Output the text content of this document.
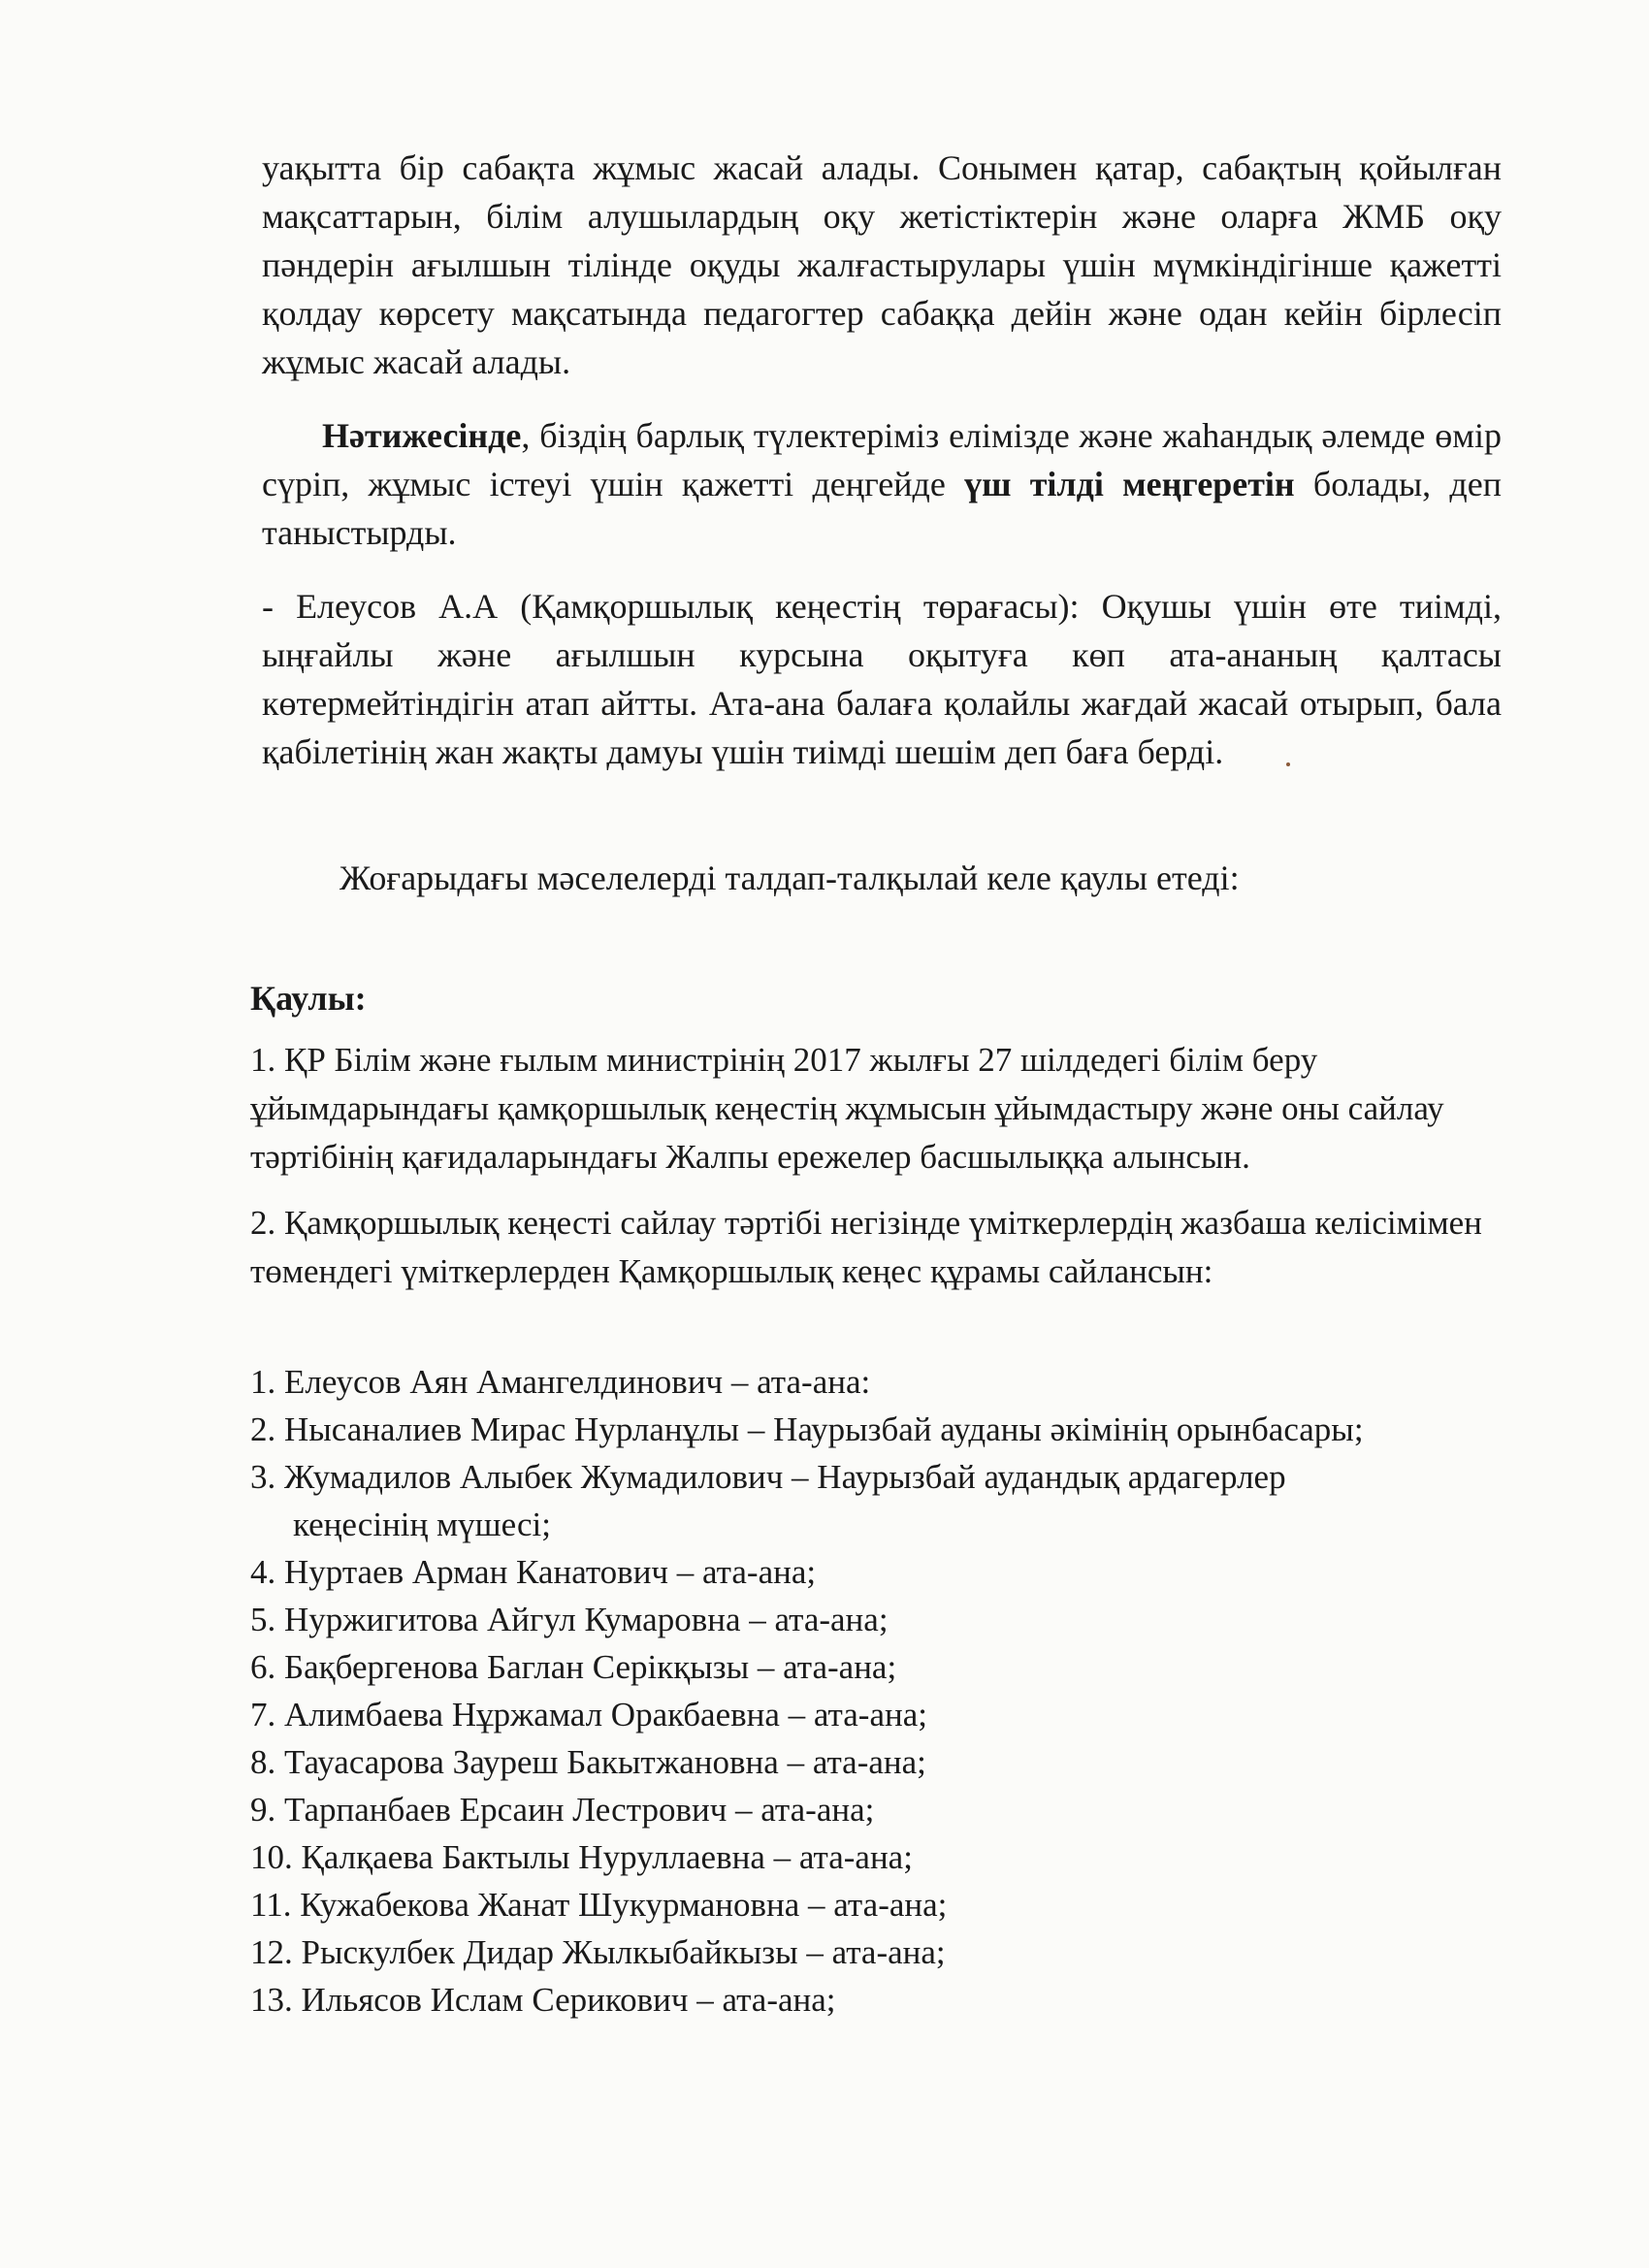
уақытта бір сабақта жұмыс жасай алады. Сонымен қатар, сабақтың қойылған мақсаттарын, білім алушылардың оқу жетістіктерін және оларға ЖМБ оқу пәндерін ағылшын тілінде оқуды жалғастырулары үшін мүмкіндігінше қажетті қолдау көрсету мақсатында педагогтер сабаққа дейін және одан кейін бірлесіп жұмыс жасай алады.
Нәтижесінде, біздің барлық түлектеріміз елімізде және жаһандық әлемде өмір сүріп, жұмыс істеуі үшін қажетті деңгейде үш тілді меңгеретін болады, деп таныстырды.
- Елеусов А.А (Қамқоршылық кеңестің төрағасы): Оқушы үшін өте тиімді, ыңғайлы және ағылшын курсына оқытуға көп ата-ананың қалтасы көтермейтіндігін атап айтты. Ата-ана балаға қолайлы жағдай жасай отырып, бала қабілетінің жан жақты дамуы үшін тиімді шешім деп баға берді.
Жоғарыдағы мәселелерді талдап-талқылай келе қаулы етеді:
Қаулы:
1. ҚР Білім және ғылым министрінің 2017 жылғы 27 шілдедегі білім беру ұйымдарындағы қамқоршылық кеңестің жұмысын ұйымдастыру және оны сайлау тәртібінің қағидаларындағы Жалпы ережелер басшылыққа алынсын.
2. Қамқоршылық кеңесті сайлау тәртібі негізінде үміткерлердің жазбаша келісімімен төмендегі үміткерлерден Қамқоршылық кеңес құрамы сайлансын:
1. Елеусов Аян Амангелдинович – ата-ана:
2. Нысаналиев Мирас Нурланұлы – Наурызбай ауданы әкімінің орынбасары;
3. Жумадилов Алыбек Жумадилович – Наурызбай аудандық ардагерлер
кеңесінің мүшесі;
4. Нуртаев Арман Канатович – ата-ана;
5. Нуржигитова Айгул Кумаровна – ата-ана;
6. Бақбергенова Баглан Серікқызы – ата-ана;
7. Алимбаева Нұржамал Оракбаевна – ата-ана;
8. Тауасарова Зауреш Бакытжановна – ата-ана;
9. Тарпанбаев Ерсаин Лестрович – ата-ана;
10. Қалқаева Бактылы Нуруллаевна – ата-ана;
11. Кужабекова Жанат Шукурмановна – ата-ана;
12. Рыскулбек Дидар Жылкыбайкызы – ата-ана;
13. Ильясов Ислам Серикович – ата-ана;
